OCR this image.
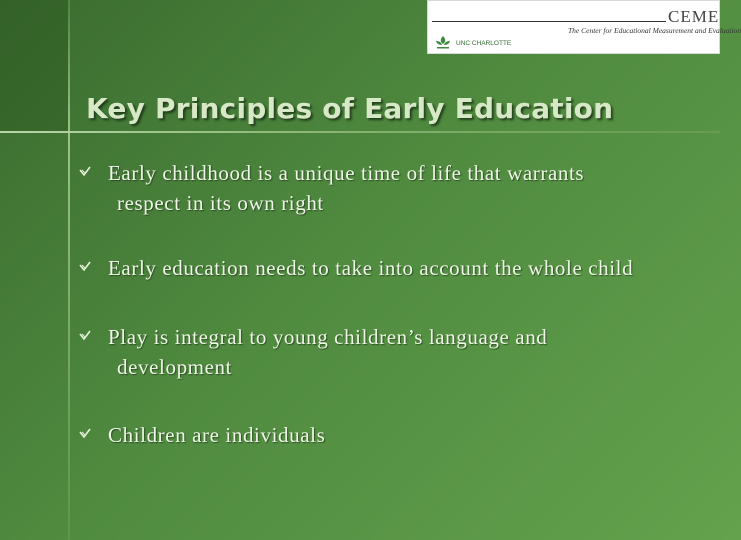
CEME
The Center for Educational Measurement and Evaluation
UNC CHARLOTTE
Key Principles of Early Education
Early childhood is a unique time of life that warrants
respect in its own right
Early education needs to take into account the whole child
Play is integral to young children’s language and
development
Children are individuals
